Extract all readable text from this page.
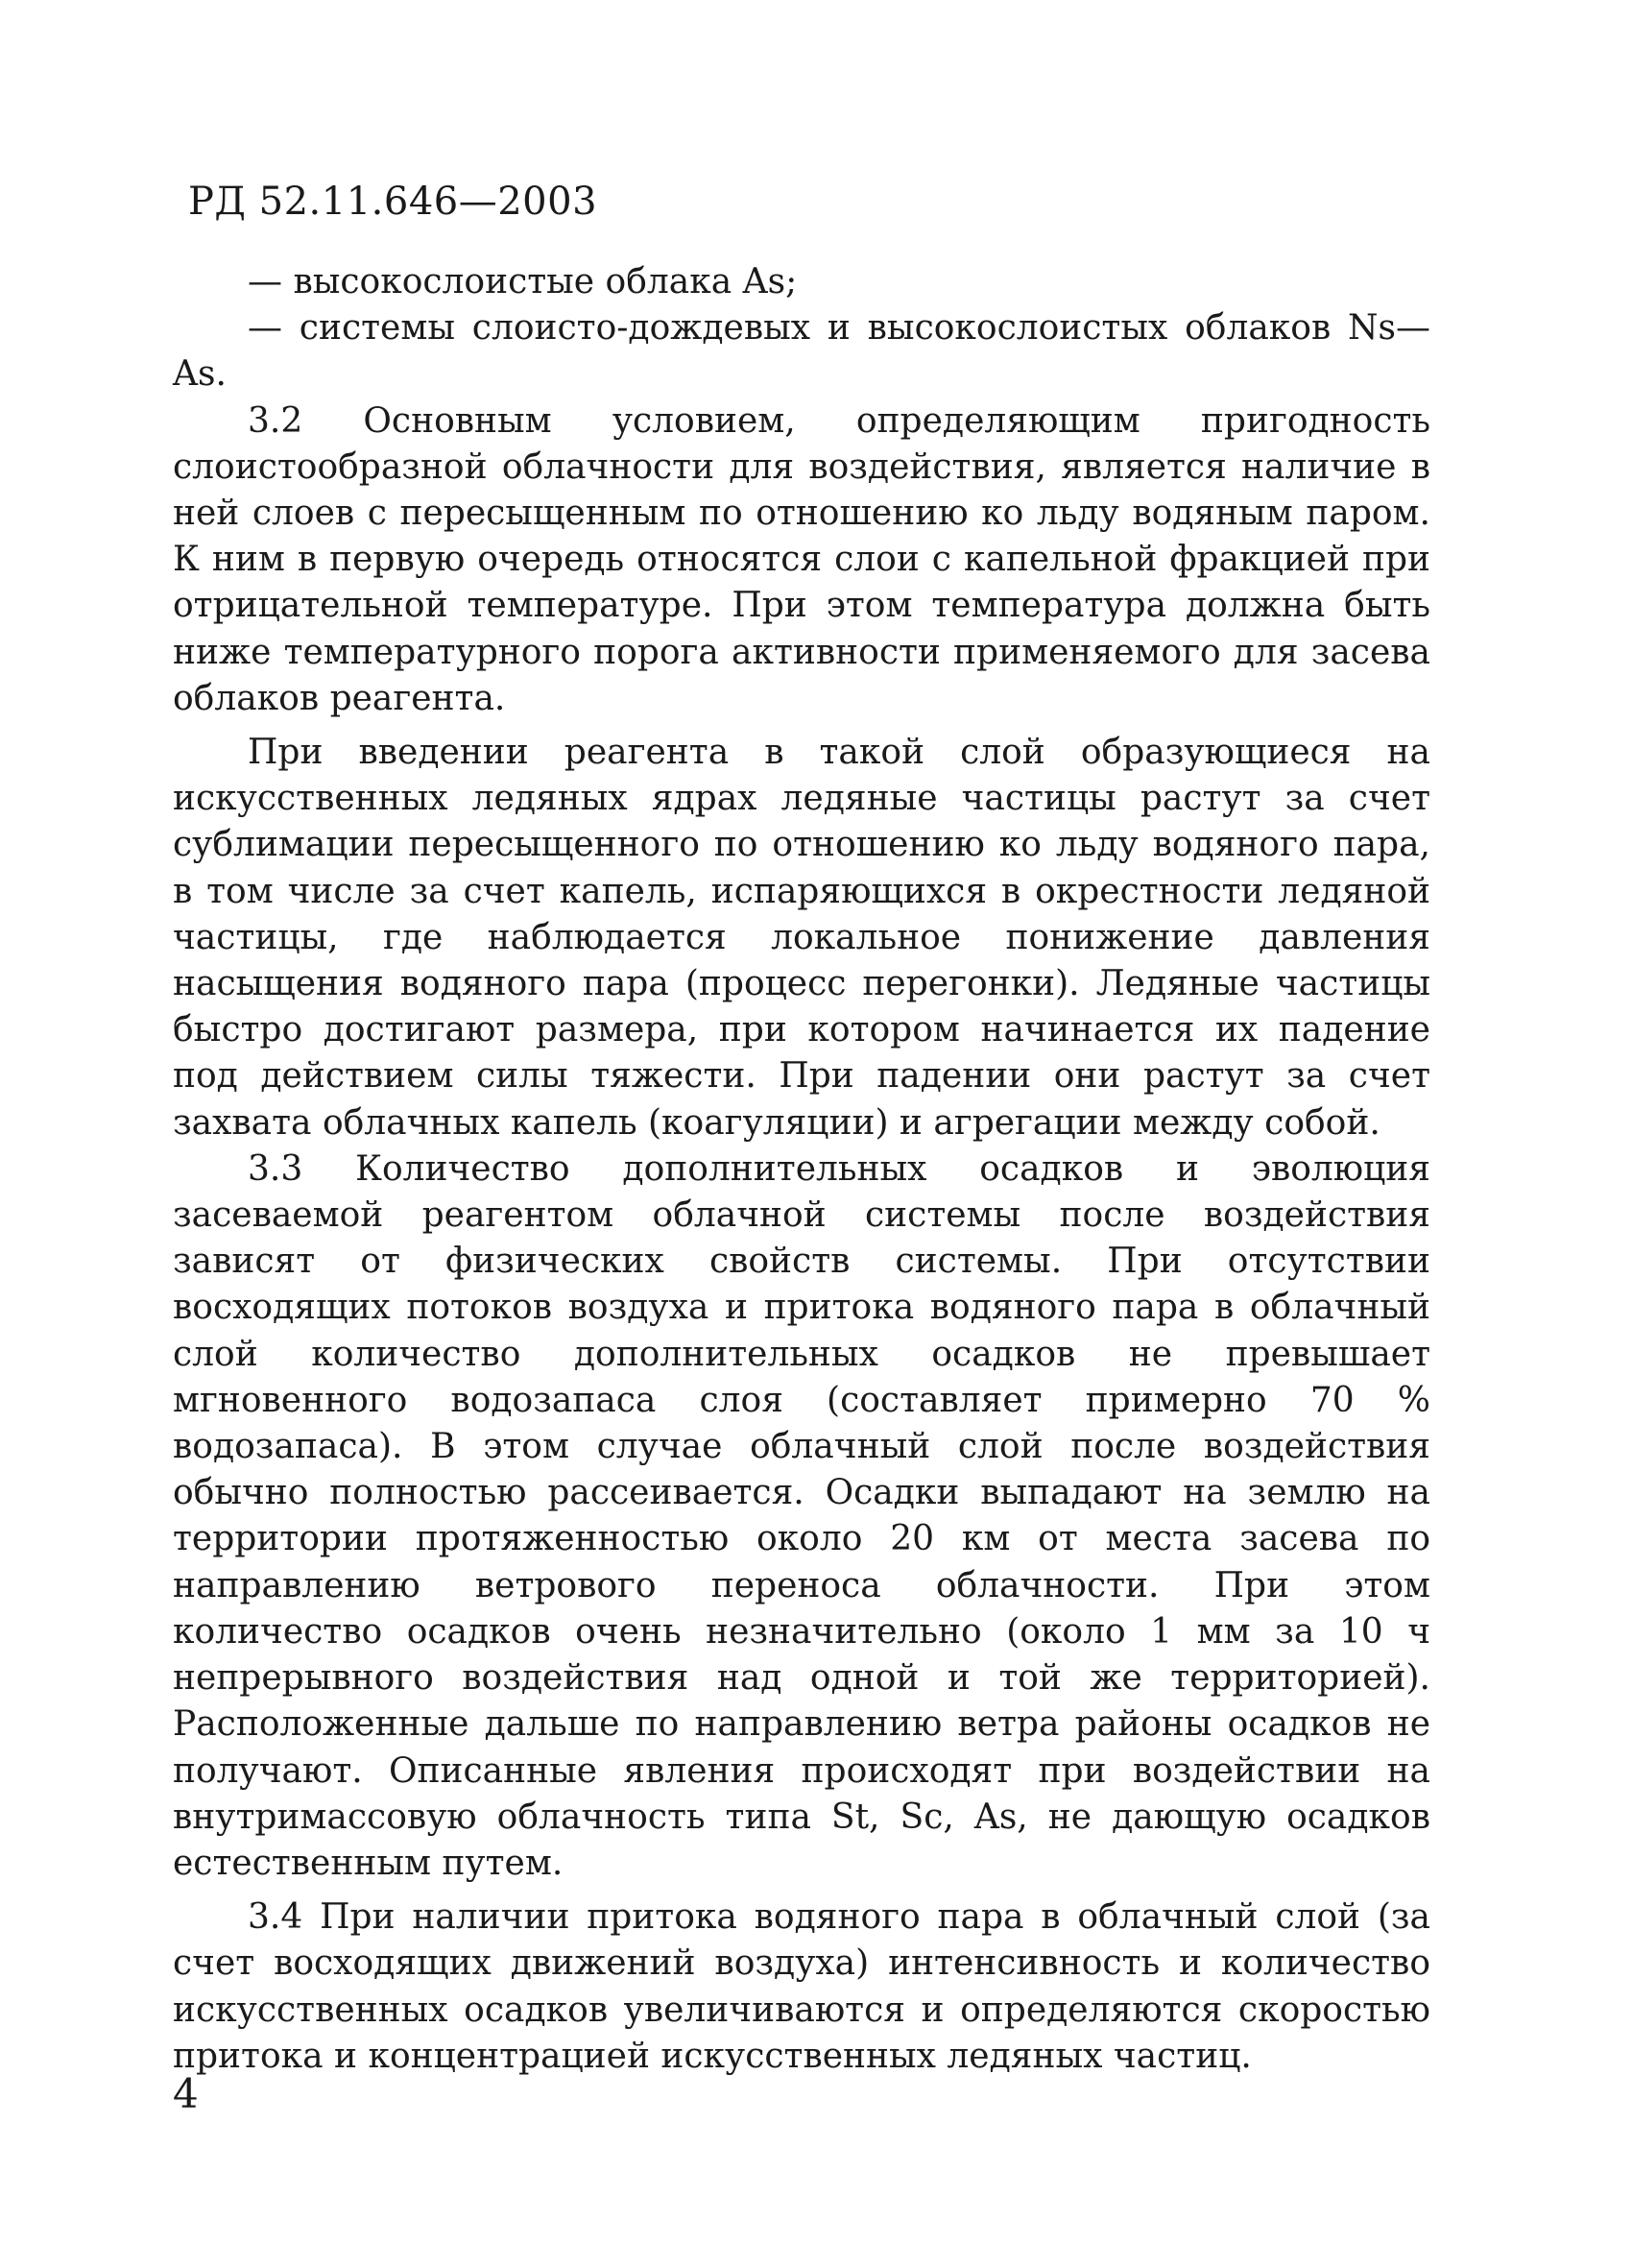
РД 52.11.646—2003

— высокослоистые облака As;

— системы слоисто-дождевых и высокослоистых облаков Ns—As.

3.2 Основным условием, определяющим пригодность слоистообразной облачности для воздействия, является наличие в ней слоев с пересыщенным по отношению ко льду водяным паром. К ним в первую очередь относятся слои с капельной фракцией при отрицательной температуре. При этом температура должна быть ниже температурного порога активности применяемого для засева облаков реагента.

При введении реагента в такой слой образующиеся на искусственных ледяных ядрах ледяные частицы растут за счет сублимации пересыщенного по отношению ко льду водяного пара, в том числе за счет капель, испаряющихся в окрестности ледяной частицы, где наблюдается локальное понижение давления насыщения водяного пара (процесс перегонки). Ледяные частицы быстро достигают размера, при котором начинается их падение под действием силы тяжести. При падении они растут за счет захвата облачных капель (коагуляции) и агрегации между собой.

3.3 Количество дополнительных осадков и эволюция засеваемой реагентом облачной системы после воздействия зависят от физических свойств системы. При отсутствии восходящих потоков воздуха и притока водяного пара в облачный слой количество дополнительных осадков не превышает мгновенного водозапаса слоя (составляет примерно 70 % водозапаса). В этом случае облачный слой после воздействия обычно полностью рассеивается. Осадки выпадают на землю на территории протяженностью около 20 км от места засева по направлению ветрового переноса облачности. При этом количество осадков очень незначительно (около 1 мм за 10 ч непрерывного воздействия над одной и той же территорией). Расположенные дальше по направлению ветра районы осадков не получают. Описанные явления происходят при воздействии на внутримассовую облачность типа St, Sc, As, не дающую осадков естественным путем.

3.4 При наличии притока водяного пара в облачный слой (за счет восходящих движений воздуха) интенсивность и количество искусственных осадков увеличиваются и определяются скоростью притока и концентрацией искусственных ледяных частиц.

4
